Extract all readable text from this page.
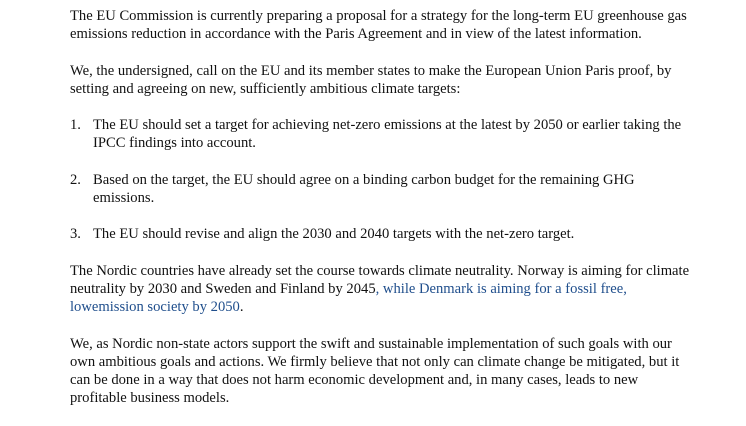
The EU Commission is currently preparing a proposal for a strategy for the long-term EU greenhouse gas emissions reduction in accordance with the Paris Agreement and in view of the latest information.

We, the undersigned, call on the EU and its member states to make the European Union Paris proof, by setting and agreeing on new, sufficiently ambitious climate targets:

1. The EU should set a target for achieving net-zero emissions at the latest by 2050 or earlier taking the IPCC findings into account.
2. Based on the target, the EU should agree on a binding carbon budget for the remaining GHG emissions.
3. The EU should revise and align the 2030 and 2040 targets with the net-zero target.

The Nordic countries have already set the course towards climate neutrality. Norway is aiming for climate neutrality by 2030 and Sweden and Finland by 2045, while Denmark is aiming for a fossil free, lowemission society by 2050.

We, as Nordic non-state actors support the swift and sustainable implementation of such goals with our own ambitious goals and actions. We firmly believe that not only can climate change be mitigated, but it can be done in a way that does not harm economic development and, in many cases, leads to new profitable business models.
